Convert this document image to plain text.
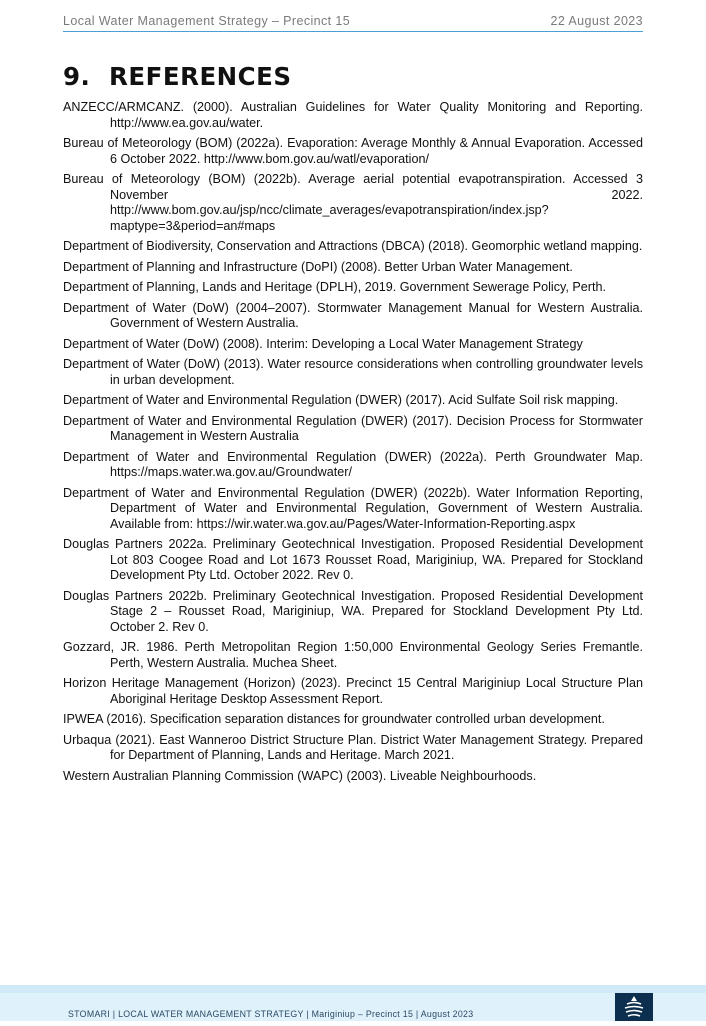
Local Water Management Strategy – Precinct 15	22 August 2023
9. REFERENCES
ANZECC/ARMCANZ. (2000). Australian Guidelines for Water Quality Monitoring and Reporting. http://www.ea.gov.au/water.
Bureau of Meteorology (BOM) (2022a). Evaporation: Average Monthly & Annual Evaporation. Accessed 6 October 2022. http://www.bom.gov.au/watl/evaporation/
Bureau of Meteorology (BOM) (2022b). Average aerial potential evapotranspiration. Accessed 3 November 2022. http://www.bom.gov.au/jsp/ncc/climate_averages/evapotranspiration/index.jsp?maptype=3&period=an#maps
Department of Biodiversity, Conservation and Attractions (DBCA) (2018). Geomorphic wetland mapping.
Department of Planning and Infrastructure (DoPI) (2008). Better Urban Water Management.
Department of Planning, Lands and Heritage (DPLH), 2019. Government Sewerage Policy, Perth.
Department of Water (DoW) (2004–2007). Stormwater Management Manual for Western Australia. Government of Western Australia.
Department of Water (DoW) (2008). Interim: Developing a Local Water Management Strategy
Department of Water (DoW) (2013). Water resource considerations when controlling groundwater levels in urban development.
Department of Water and Environmental Regulation (DWER) (2017). Acid Sulfate Soil risk mapping.
Department of Water and Environmental Regulation (DWER) (2017). Decision Process for Stormwater Management in Western Australia
Department of Water and Environmental Regulation (DWER) (2022a). Perth Groundwater Map. https://maps.water.wa.gov.au/Groundwater/
Department of Water and Environmental Regulation (DWER) (2022b). Water Information Reporting, Department of Water and Environmental Regulation, Government of Western Australia. Available from: https://wir.water.wa.gov.au/Pages/Water-Information-Reporting.aspx
Douglas Partners 2022a. Preliminary Geotechnical Investigation. Proposed Residential Development Lot 803 Coogee Road and Lot 1673 Rousset Road, Mariginiup, WA. Prepared for Stockland Development Pty Ltd. October 2022. Rev 0.
Douglas Partners 2022b. Preliminary Geotechnical Investigation. Proposed Residential Development Stage 2 – Rousset Road, Mariginiup, WA. Prepared for Stockland Development Pty Ltd. October 2. Rev 0.
Gozzard, JR. 1986. Perth Metropolitan Region 1:50,000 Environmental Geology Series Fremantle. Perth, Western Australia. Muchea Sheet.
Horizon Heritage Management (Horizon) (2023). Precinct 15 Central Mariginiup Local Structure Plan Aboriginal Heritage Desktop Assessment Report.
IPWEA (2016). Specification separation distances for groundwater controlled urban development.
Urbaqua (2021). East Wanneroo District Structure Plan. District Water Management Strategy. Prepared for Department of Planning, Lands and Heritage. March 2021.
Western Australian Planning Commission (WAPC) (2003). Liveable Neighbourhoods.
STOMARI | LOCAL WATER MANAGEMENT STRATEGY | Mariginiup – Precinct 15 | August 2023
